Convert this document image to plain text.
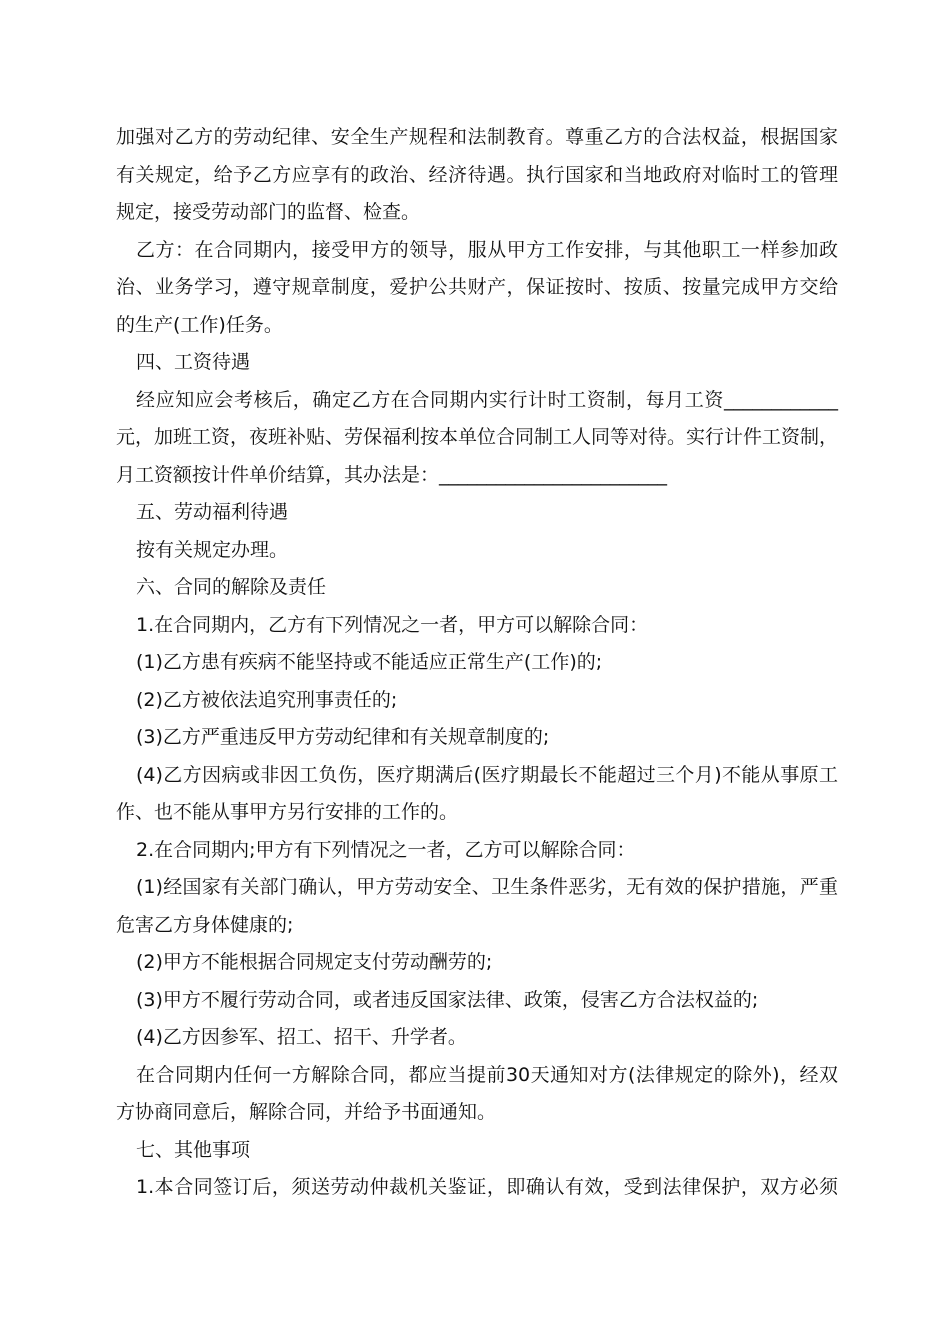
加强对乙方的劳动纪律、安全生产规程和法制教育。尊重乙方的合法权益，根据国家

有关规定，给予乙方应享有的政治、经济待遇。执行国家和当地政府对临时工的管理

规定，接受劳动部门的监督、检查。

乙方：在合同期内，接受甲方的领导，服从甲方工作安排，与其他职工一样参加政

治、业务学习，遵守规章制度，爱护公共财产，保证按时、按质、按量完成甲方交给

的生产(工作)任务。

四、工资待遇

经应知应会考核后，确定乙方在合同期内实行计时工资制，每月工资____________

元，加班工资，夜班补贴、劳保福利按本单位合同制工人同等对待。实行计件工资制，

月工资额按计件单价结算，其办法是：________________________

五、劳动福利待遇

按有关规定办理。

六、合同的解除及责任

1.在合同期内，乙方有下列情况之一者，甲方可以解除合同：

(1)乙方患有疾病不能坚持或不能适应正常生产(工作)的;

(2)乙方被依法追究刑事责任的;

(3)乙方严重违反甲方劳动纪律和有关规章制度的;

(4)乙方因病或非因工负伤，医疗期满后(医疗期最长不能超过三个月)不能从事原工

作、也不能从事甲方另行安排的工作的。

2.在合同期内;甲方有下列情况之一者，乙方可以解除合同：

(1)经国家有关部门确认，甲方劳动安全、卫生条件恶劣，无有效的保护措施，严重

危害乙方身体健康的;

(2)甲方不能根据合同规定支付劳动酬劳的;

(3)甲方不履行劳动合同，或者违反国家法律、政策，侵害乙方合法权益的;

(4)乙方因参军、招工、招干、升学者。

在合同期内任何一方解除合同，都应当提前30天通知对方(法律规定的除外)，经双

方协商同意后，解除合同，并给予书面通知。

七、其他事项

1.本合同签订后，须送劳动仲裁机关鉴证，即确认有效，受到法律保护，双方必须
